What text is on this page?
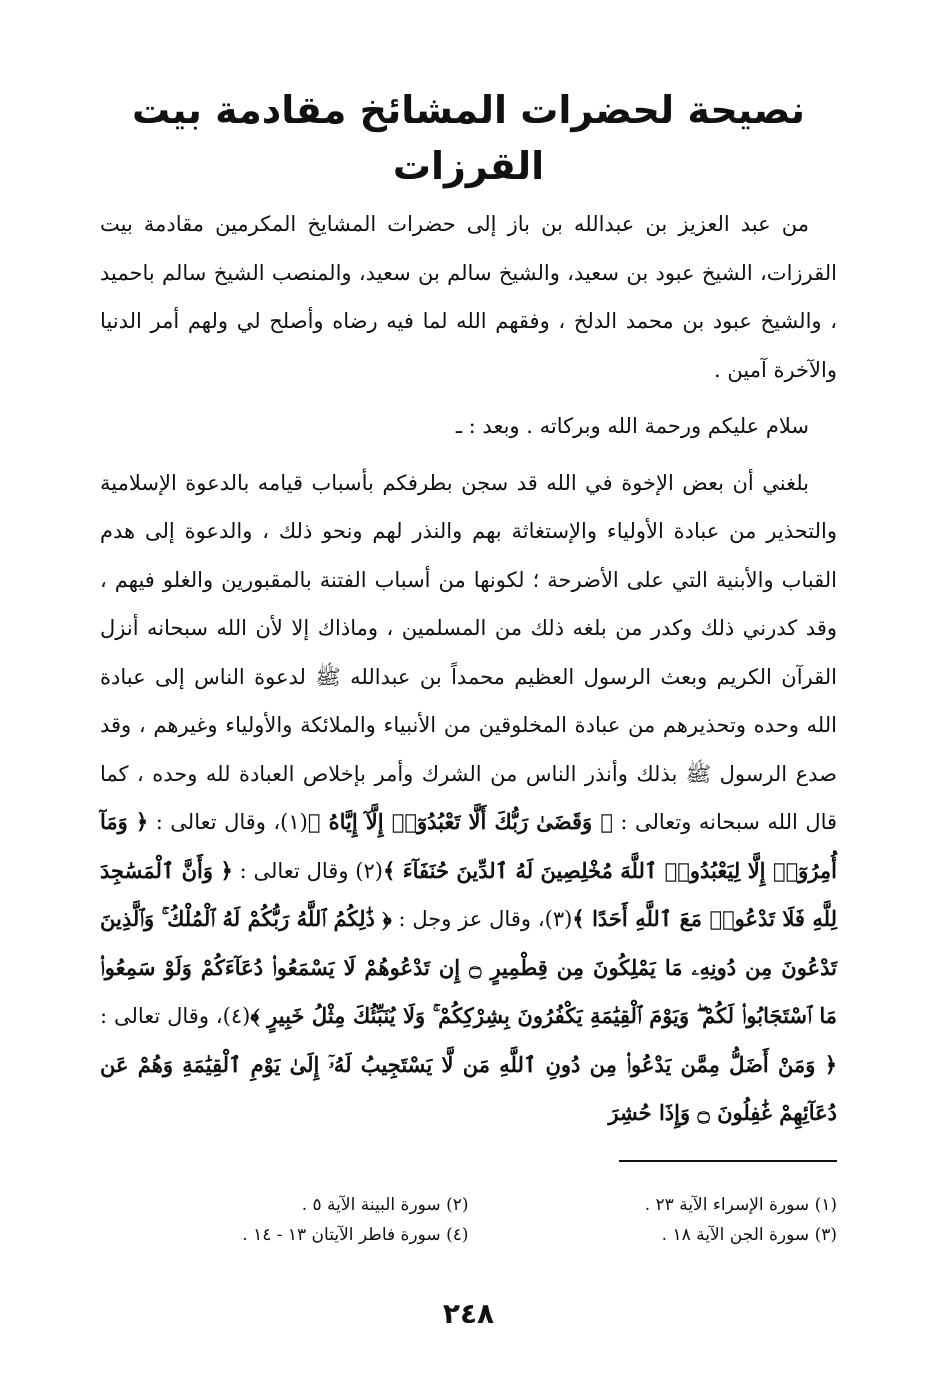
نصيحة لحضرات المشائخ مقادمة بيت القرزات

من عبد العزيز بن عبدالله بن باز إلى حضرات المشايخ المكرمين مقادمة بيت القرزات، الشيخ عبود بن سعيد، والشيخ سالم بن سعيد، والمنصب الشيخ سالم باحميد ، والشيخ عبود بن محمد الدلخ ، وفقهم الله لما فيه رضاه وأصلح لي ولهم أمر الدنيا والآخرة آمين .

سلام عليكم ورحمة الله وبركاته . وبعد : ـ

بلغني أن بعض الإخوة في الله قد سجن بطرفكم بأسباب قيامه بالدعوة الإسلامية والتحذير من عبادة الأولياء والإستغاثة بهم والنذر لهم ونحو ذلك ، والدعوة إلى هدم القباب والأبنية التي على الأضرحة ؛ لكونها من أسباب الفتنة بالمقبورين والغلو فيهم ، وقد كدرني ذلك وكدر من بلغه ذلك من المسلمين ، وماذاك إلا لأن الله سبحانه أنزل القرآن الكريم وبعث الرسول العظيم محمداً بن عبدالله ﷺ لدعوة الناس إلى عبادة الله وحده وتحذيرهم من عبادة المخلوقين من الأنبياء والملائكة والأولياء وغيرهم ، وقد صدع الرسول ﷺ بذلك وأنذر الناس من الشرك وأمر بإخلاص العبادة لله وحده ، كما قال الله سبحانه وتعالى : ﴿ وَقَضَىٰ رَبُّكَ أَلَّا تَعْبُدُوٓا۟ إِلَّآ إِيَّاهُ ﴾(١)، وقال تعالى : ﴿ وَمَآ أُمِرُوٓا۟ إِلَّا لِيَعْبُدُوا۟ ٱللَّهَ مُخْلِصِينَ لَهُ ٱلدِّينَ حُنَفَآءَ ﴾(٢) وقال تعالى : ﴿ وَأَنَّ ٱلْمَسَٰجِدَ لِلَّهِ فَلَا تَدْعُوا۟ مَعَ ٱللَّهِ أَحَدًا ﴾(٣)، وقال عز وجل : ﴿ ذَٰلِكُمُ ٱللَّهُ رَبُّكُمْ لَهُ ٱلْمُلْكُ ۚ وَٱلَّذِينَ تَدْعُونَ مِن دُونِهِۦ مَا يَمْلِكُونَ مِن قِطْمِيرٍ ۝ إِن تَدْعُوهُمْ لَا يَسْمَعُوا۟ دُعَآءَكُمْ وَلَوْ سَمِعُوا۟ مَا ٱسْتَجَابُوا۟ لَكُمْ ۖ وَيَوْمَ ٱلْقِيَٰمَةِ يَكْفُرُونَ بِشِرْكِكُمْ ۚ وَلَا يُنَبِّئُكَ مِثْلُ خَبِيرٍ ﴾(٤)، وقال تعالى : ﴿ وَمَنْ أَضَلُّ مِمَّن يَدْعُوا۟ مِن دُونِ ٱللَّهِ مَن لَّا يَسْتَجِيبُ لَهُۥٓ إِلَىٰ يَوْمِ ٱلْقِيَٰمَةِ وَهُمْ عَن دُعَآئِهِمْ غَٰفِلُونَ ۝ وَإِذَا حُشِرَ

(١) سورة الإسراء الآية ٢٣ .
(٢) سورة البينة الآية ٥ .
(٣) سورة الجن الآية ١٨ .
(٤) سورة فاطر الآيتان ١٣ - ١٤ .
٢٤٨
